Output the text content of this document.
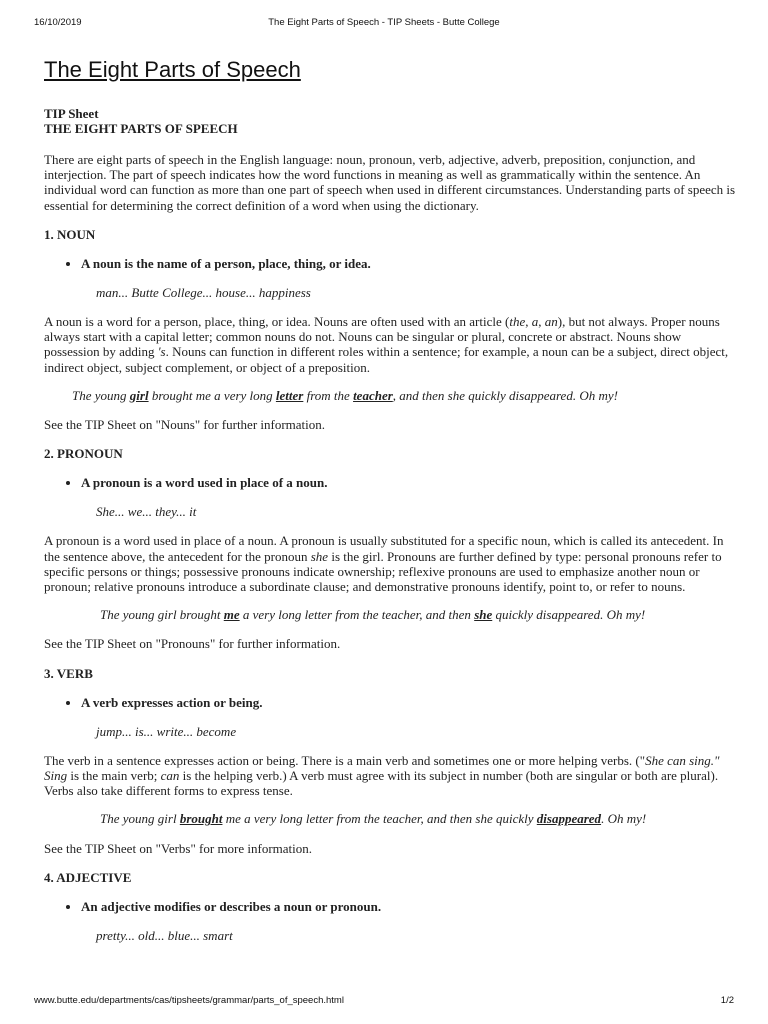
16/10/2019	The Eight Parts of Speech - TIP Sheets - Butte College
The Eight Parts of Speech

TIP Sheet

THE EIGHT PARTS OF SPEECH

There are eight parts of speech in the English language: noun, pronoun, verb, adjective, adverb, preposition, conjunction, and interjection. The part of speech indicates how the word functions in meaning as well as grammatically within the sentence. An individual word can function as more than one part of speech when used in different circumstances. Understanding parts of speech is essential for determining the correct definition of a word when using the dictionary.

1. NOUN
• A noun is the name of a person, place, thing, or idea.

man... Butte College... house... happiness

A noun is a word for a person, place, thing, or idea. Nouns are often used with an article (the, a, an), but not always. Proper nouns always start with a capital letter; common nouns do not. Nouns can be singular or plural, concrete or abstract. Nouns show possession by adding 's. Nouns can function in different roles within a sentence; for example, a noun can be a subject, direct object, indirect object, subject complement, or object of a preposition.

The young girl brought me a very long letter from the teacher, and then she quickly disappeared. Oh my!

See the TIP Sheet on "Nouns" for further information.

2. PRONOUN
• A pronoun is a word used in place of a noun.

She... we... they... it

A pronoun is a word used in place of a noun. A pronoun is usually substituted for a specific noun, which is called its antecedent. In the sentence above, the antecedent for the pronoun she is the girl. Pronouns are further defined by type: personal pronouns refer to specific persons or things; possessive pronouns indicate ownership; reflexive pronouns are used to emphasize another noun or pronoun; relative pronouns introduce a subordinate clause; and demonstrative pronouns identify, point to, or refer to nouns.

The young girl brought me a very long letter from the teacher, and then she quickly disappeared. Oh my!

See the TIP Sheet on "Pronouns" for further information.

3. VERB
• A verb expresses action or being.

jump... is... write... become

The verb in a sentence expresses action or being. There is a main verb and sometimes one or more helping verbs. ("She can sing." Sing is the main verb; can is the helping verb.) A verb must agree with its subject in number (both are singular or both are plural). Verbs also take different forms to express tense.

The young girl brought me a very long letter from the teacher, and then she quickly disappeared. Oh my!

See the TIP Sheet on "Verbs" for more information.

4. ADJECTIVE
• An adjective modifies or describes a noun or pronoun.

pretty... old... blue... smart

www.butte.edu/departments/cas/tipsheets/grammar/parts_of_speech.html	1/2
